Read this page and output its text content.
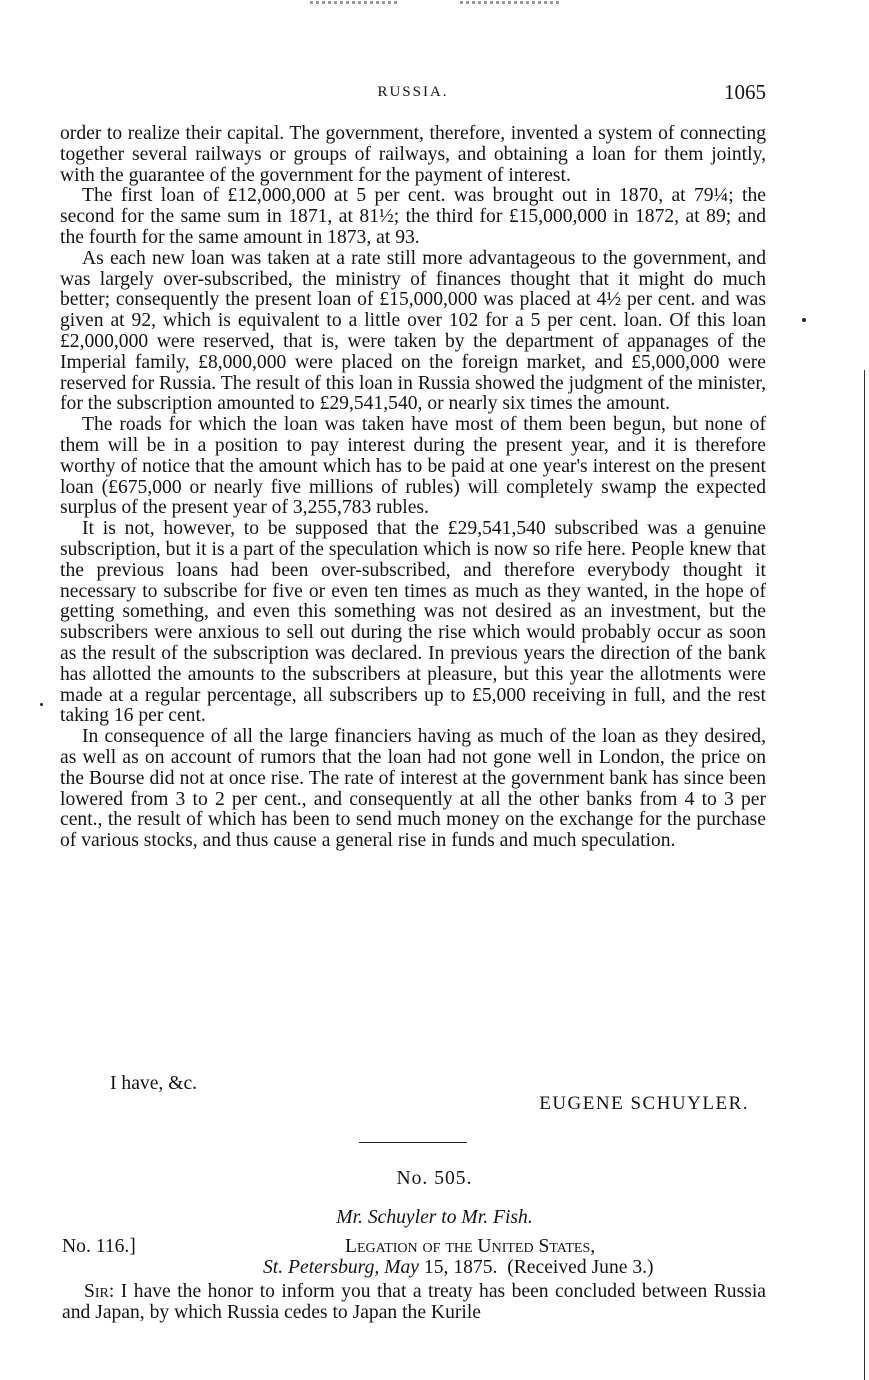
RUSSIA.	1065

order to realize their capital. The government, therefore, invented a system of connecting together several railways or groups of railways, and obtaining a loan for them jointly, with the guarantee of the government for the payment of interest.

The first loan of £12,000,000 at 5 per cent. was brought out in 1870, at 79¼; the second for the same sum in 1871, at 81½; the third for £15,000,000 in 1872, at 89; and the fourth for the same amount in 1873, at 93.

As each new loan was taken at a rate still more advantageous to the government, and was largely over-subscribed, the ministry of finances thought that it might do much better; consequently the present loan of £15,000,000 was placed at 4½ per cent. and was given at 92, which is equivalent to a little over 102 for a 5 per cent. loan. Of this loan £2,000,000 were reserved, that is, were taken by the department of appanages of the Imperial family, £8,000,000 were placed on the foreign market, and £5,000,000 were reserved for Russia. The result of this loan in Russia showed the judgment of the minister, for the subscription amounted to £29,541,540, or nearly six times the amount.

The roads for which the loan was taken have most of them been begun, but none of them will be in a position to pay interest during the present year, and it is therefore worthy of notice that the amount which has to be paid at one year's interest on the present loan (£675,000 or nearly five millions of rubles) will completely swamp the expected surplus of the present year of 3,255,783 rubles.

It is not, however, to be supposed that the £29,541,540 subscribed was a genuine subscription, but it is a part of the speculation which is now so rife here. People knew that the previous loans had been over-subscribed, and therefore everybody thought it necessary to subscribe for five or even ten times as much as they wanted, in the hope of getting something, and even this something was not desired as an investment, but the subscribers were anxious to sell out during the rise which would probably occur as soon as the result of the subscription was declared. In previous years the direction of the bank has allotted the amounts to the subscribers at pleasure, but this year the allotments were made at a regular percentage, all subscribers up to £5,000 receiving in full, and the rest taking 16 per cent.

In consequence of all the large financiers having as much of the loan as they desired, as well as on account of rumors that the loan had not gone well in London, the price on the Bourse did not at once rise. The rate of interest at the government bank has since been lowered from 3 to 2 per cent., and consequently at all the other banks from 4 to 3 per cent., the result of which has been to send much money on the exchange for the purchase of various stocks, and thus cause a general rise in funds and much speculation.

I have, &c.
EUGENE SCHUYLER.
No. 505.
Mr. Schuyler to Mr. Fish.
No. 116.]	Legation of the United States,
St. Petersburg, May 15, 1875. (Received June 3.)
Sir: I have the honor to inform you that a treaty has been concluded between Russia and Japan, by which Russia cedes to Japan the Kurile
